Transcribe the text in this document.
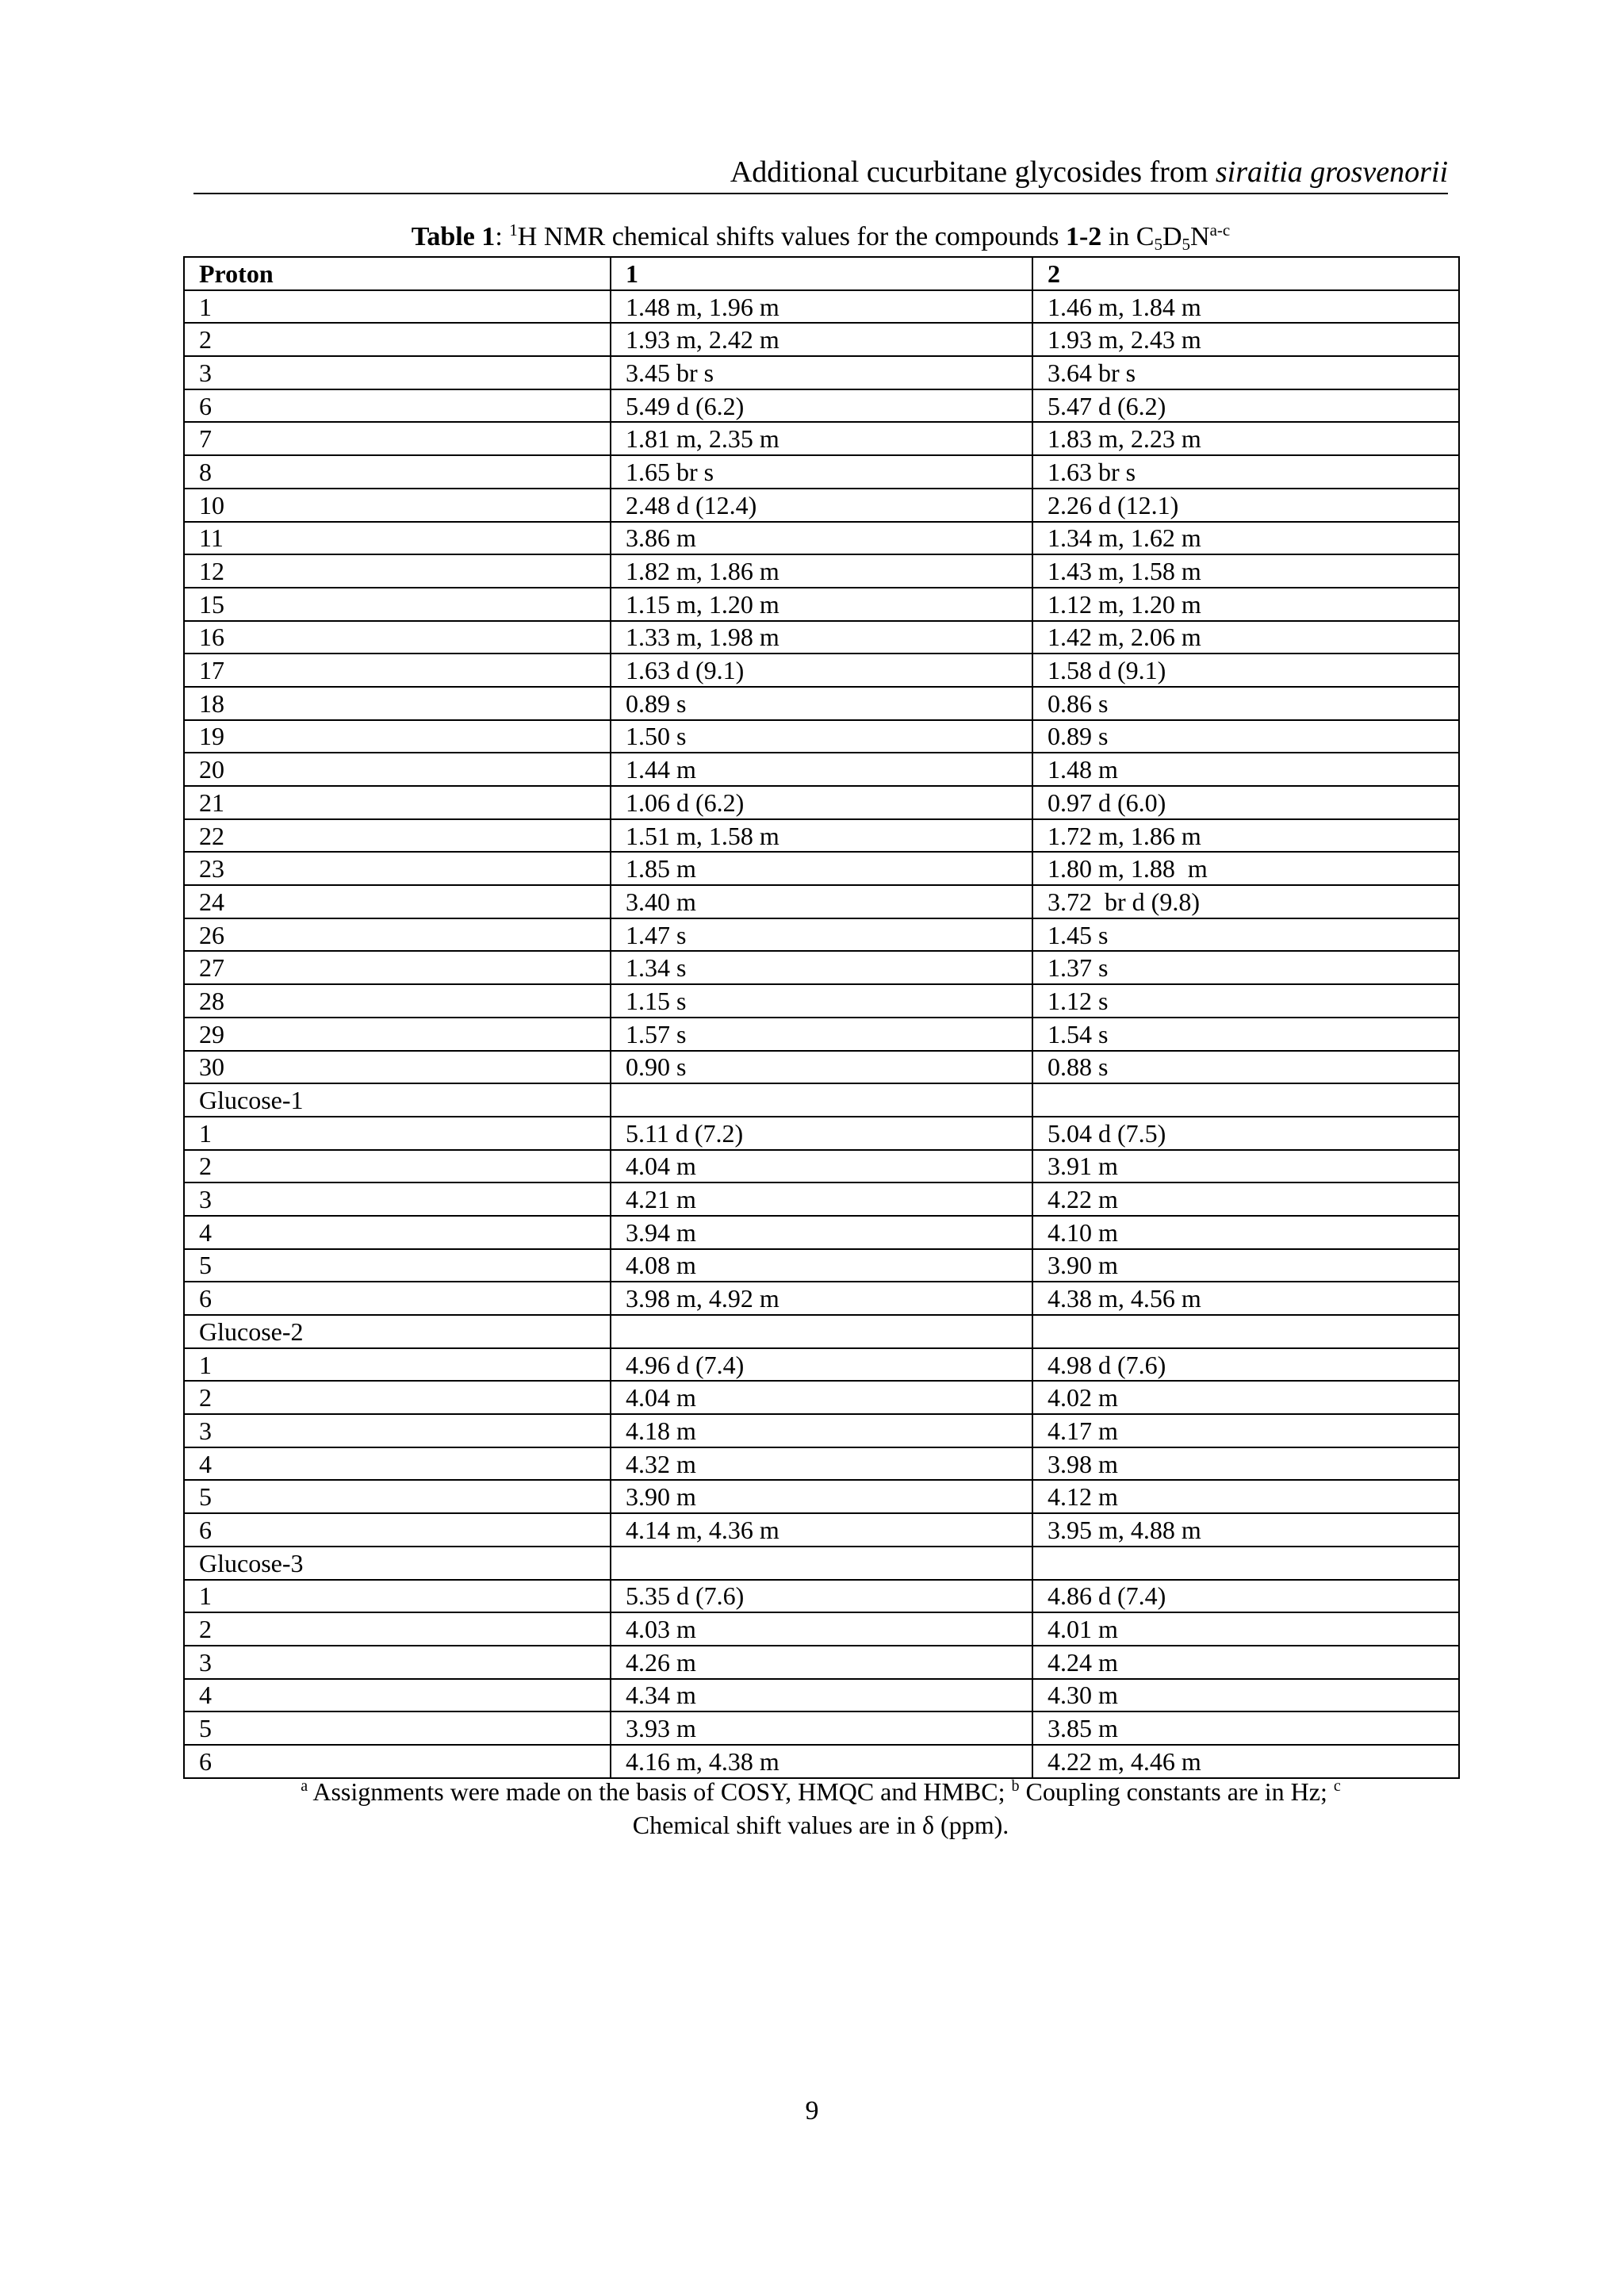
Additional cucurbitane glycosides from siraitia grosvenorii
Table 1: $^1$H NMR chemical shifts values for the compounds 1-2 in $C_5D_5N^{a-c}$
Proton	1	2
1	1.48 m, 1.96 m	1.46 m, 1.84 m
2	1.93 m, 2.42 m	1.93 m, 2.43 m
3	3.45 br s	3.64 br s
6	5.49 d (6.2)	5.47 d (6.2)
7	1.81 m, 2.35 m	1.83 m, 2.23 m
8	1.65 br s	1.63 br s
10	2.48 d (12.4)	2.26 d (12.1)
11	3.86 m	1.34 m, 1.62 m
12	1.82 m, 1.86 m	1.43 m, 1.58 m
15	1.15 m, 1.20 m	1.12 m, 1.20 m
16	1.33 m, 1.98 m	1.42 m, 2.06 m
17	1.63 d (9.1)	1.58 d (9.1)
18	0.89 s	0.86 s
19	1.50 s	0.89 s
20	1.44 m	1.48 m
21	1.06 d (6.2)	0.97 d (6.0)
22	1.51 m, 1.58 m	1.72 m, 1.86 m
23	1.85 m	1.80 m, 1.88  m
24	3.40 m	3.72  br d (9.8)
26	1.47 s	1.45 s
27	1.34 s	1.37 s
28	1.15 s	1.12 s
29	1.57 s	1.54 s
30	0.90 s	0.88 s
Glucose-1		
1	5.11 d (7.2)	5.04 d (7.5)
2	4.04 m	3.91 m
3	4.21 m	4.22 m
4	3.94 m	4.10 m
5	4.08 m	3.90 m
6	3.98 m, 4.92 m	4.38 m, 4.56 m
Glucose-2		
1	4.96 d (7.4)	4.98 d (7.6)
2	4.04 m	4.02 m
3	4.18 m	4.17 m
4	4.32 m	3.98 m
5	3.90 m	4.12 m
6	4.14 m, 4.36 m	3.95 m, 4.88 m
Glucose-3		
1	5.35 d (7.6)	4.86 d (7.4)
2	4.03 m	4.01 m
3	4.26 m	4.24 m
4	4.34 m	4.30 m
5	3.93 m	3.85 m
6	4.16 m, 4.38 m	4.22 m, 4.46 m
$^a$ Assignments were made on the basis of COSY, HMQC and HMBC; $^b$ Coupling constants are in Hz; $^c$
Chemical shift values are in δ (ppm).
9
